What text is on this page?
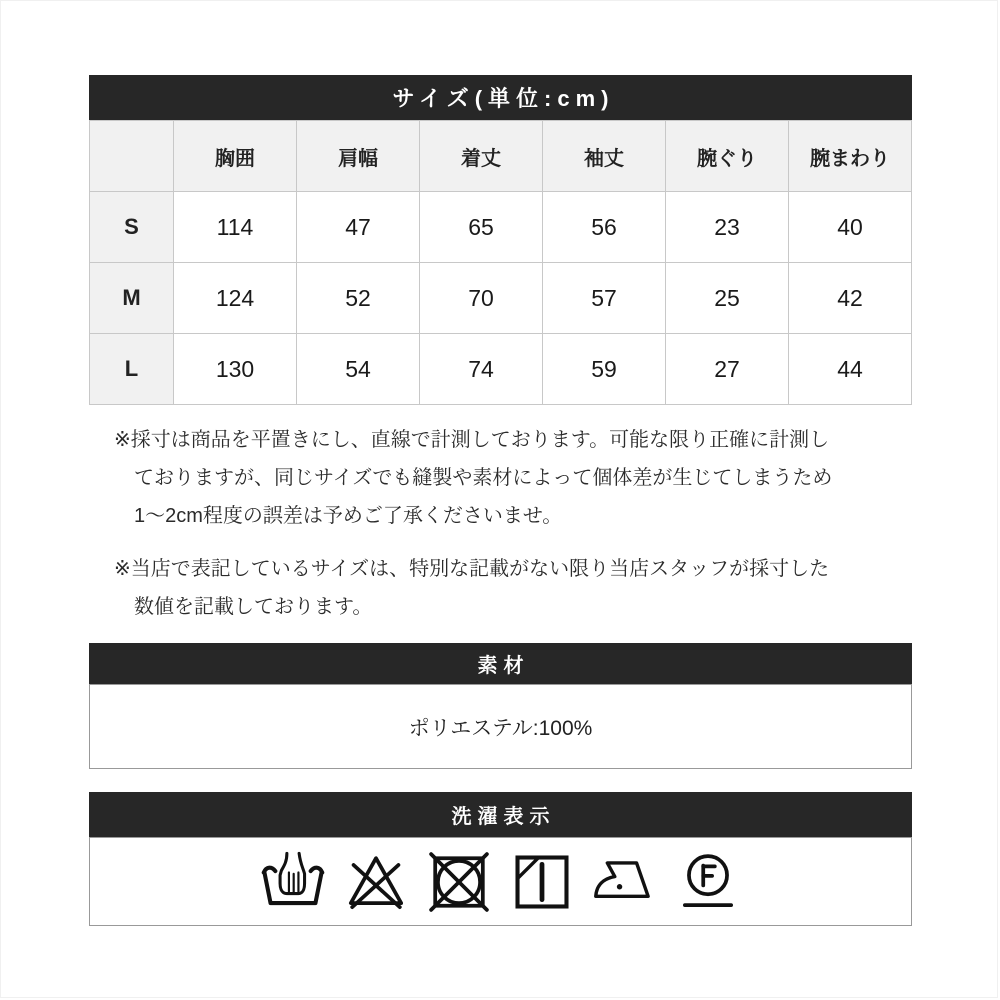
サイズ(単位:cm)
	胸囲	肩幅	着丈	袖丈	腕ぐり	腕まわり
S	114	47	65	56	23	40
M	124	52	70	57	25	42
L	130	54	74	59	27	44
※採寸は商品を平置きにし、直線で計測しております。可能な限り正確に計測し
ておりますが、同じサイズでも縫製や素材によって個体差が生じてしまうため
1〜2cm程度の誤差は予めご了承くださいませ。
※当店で表記しているサイズは、特別な記載がない限り当店スタッフが採寸した
数値を記載しております。
素材
ポリエステル:100%
洗濯表示
